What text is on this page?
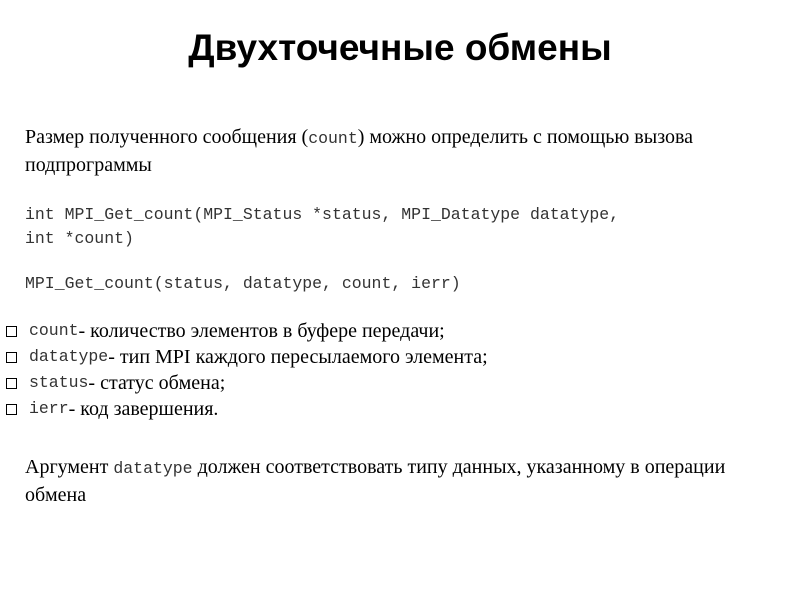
Двухточечные обмены

Размер полученного сообщения (count) можно определить с помощью вызова подпрограммы

int MPI_Get_count(MPI_Status *status, MPI_Datatype datatype,
int *count)
MPI_Get_count(status, datatype, count, ierr)
count - количество элементов в буфере передачи;
datatype - тип MPI каждого пересылаемого элемента;
status - статус обмена;
ierr - код завершения.

Аргумент datatype должен соответствовать типу данных, указанному в операции обмена
